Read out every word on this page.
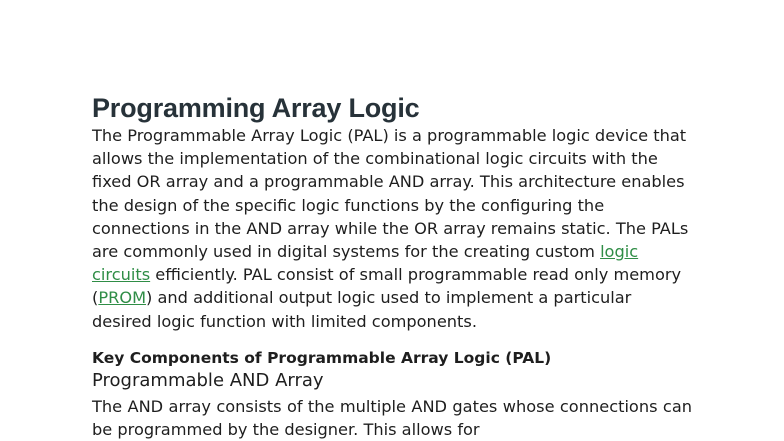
Programming Array Logic

The Programmable Array Logic (PAL) is a programmable logic device that allows the implementation of the combinational logic circuits with the fixed OR array and a programmable AND array. This architecture enables the design of the specific logic functions by the configuring the connections in the AND array while the OR array remains static. The PALs are commonly used in digital systems for the creating custom logic circuits efficiently. PAL consist of small programmable read only memory (PROM) and additional output logic used to implement a particular desired logic function with limited components.

Key Components of Programmable Array Logic (PAL)
Programmable AND Array

The AND array consists of the multiple AND gates whose connections can be programmed by the designer. This allows for
